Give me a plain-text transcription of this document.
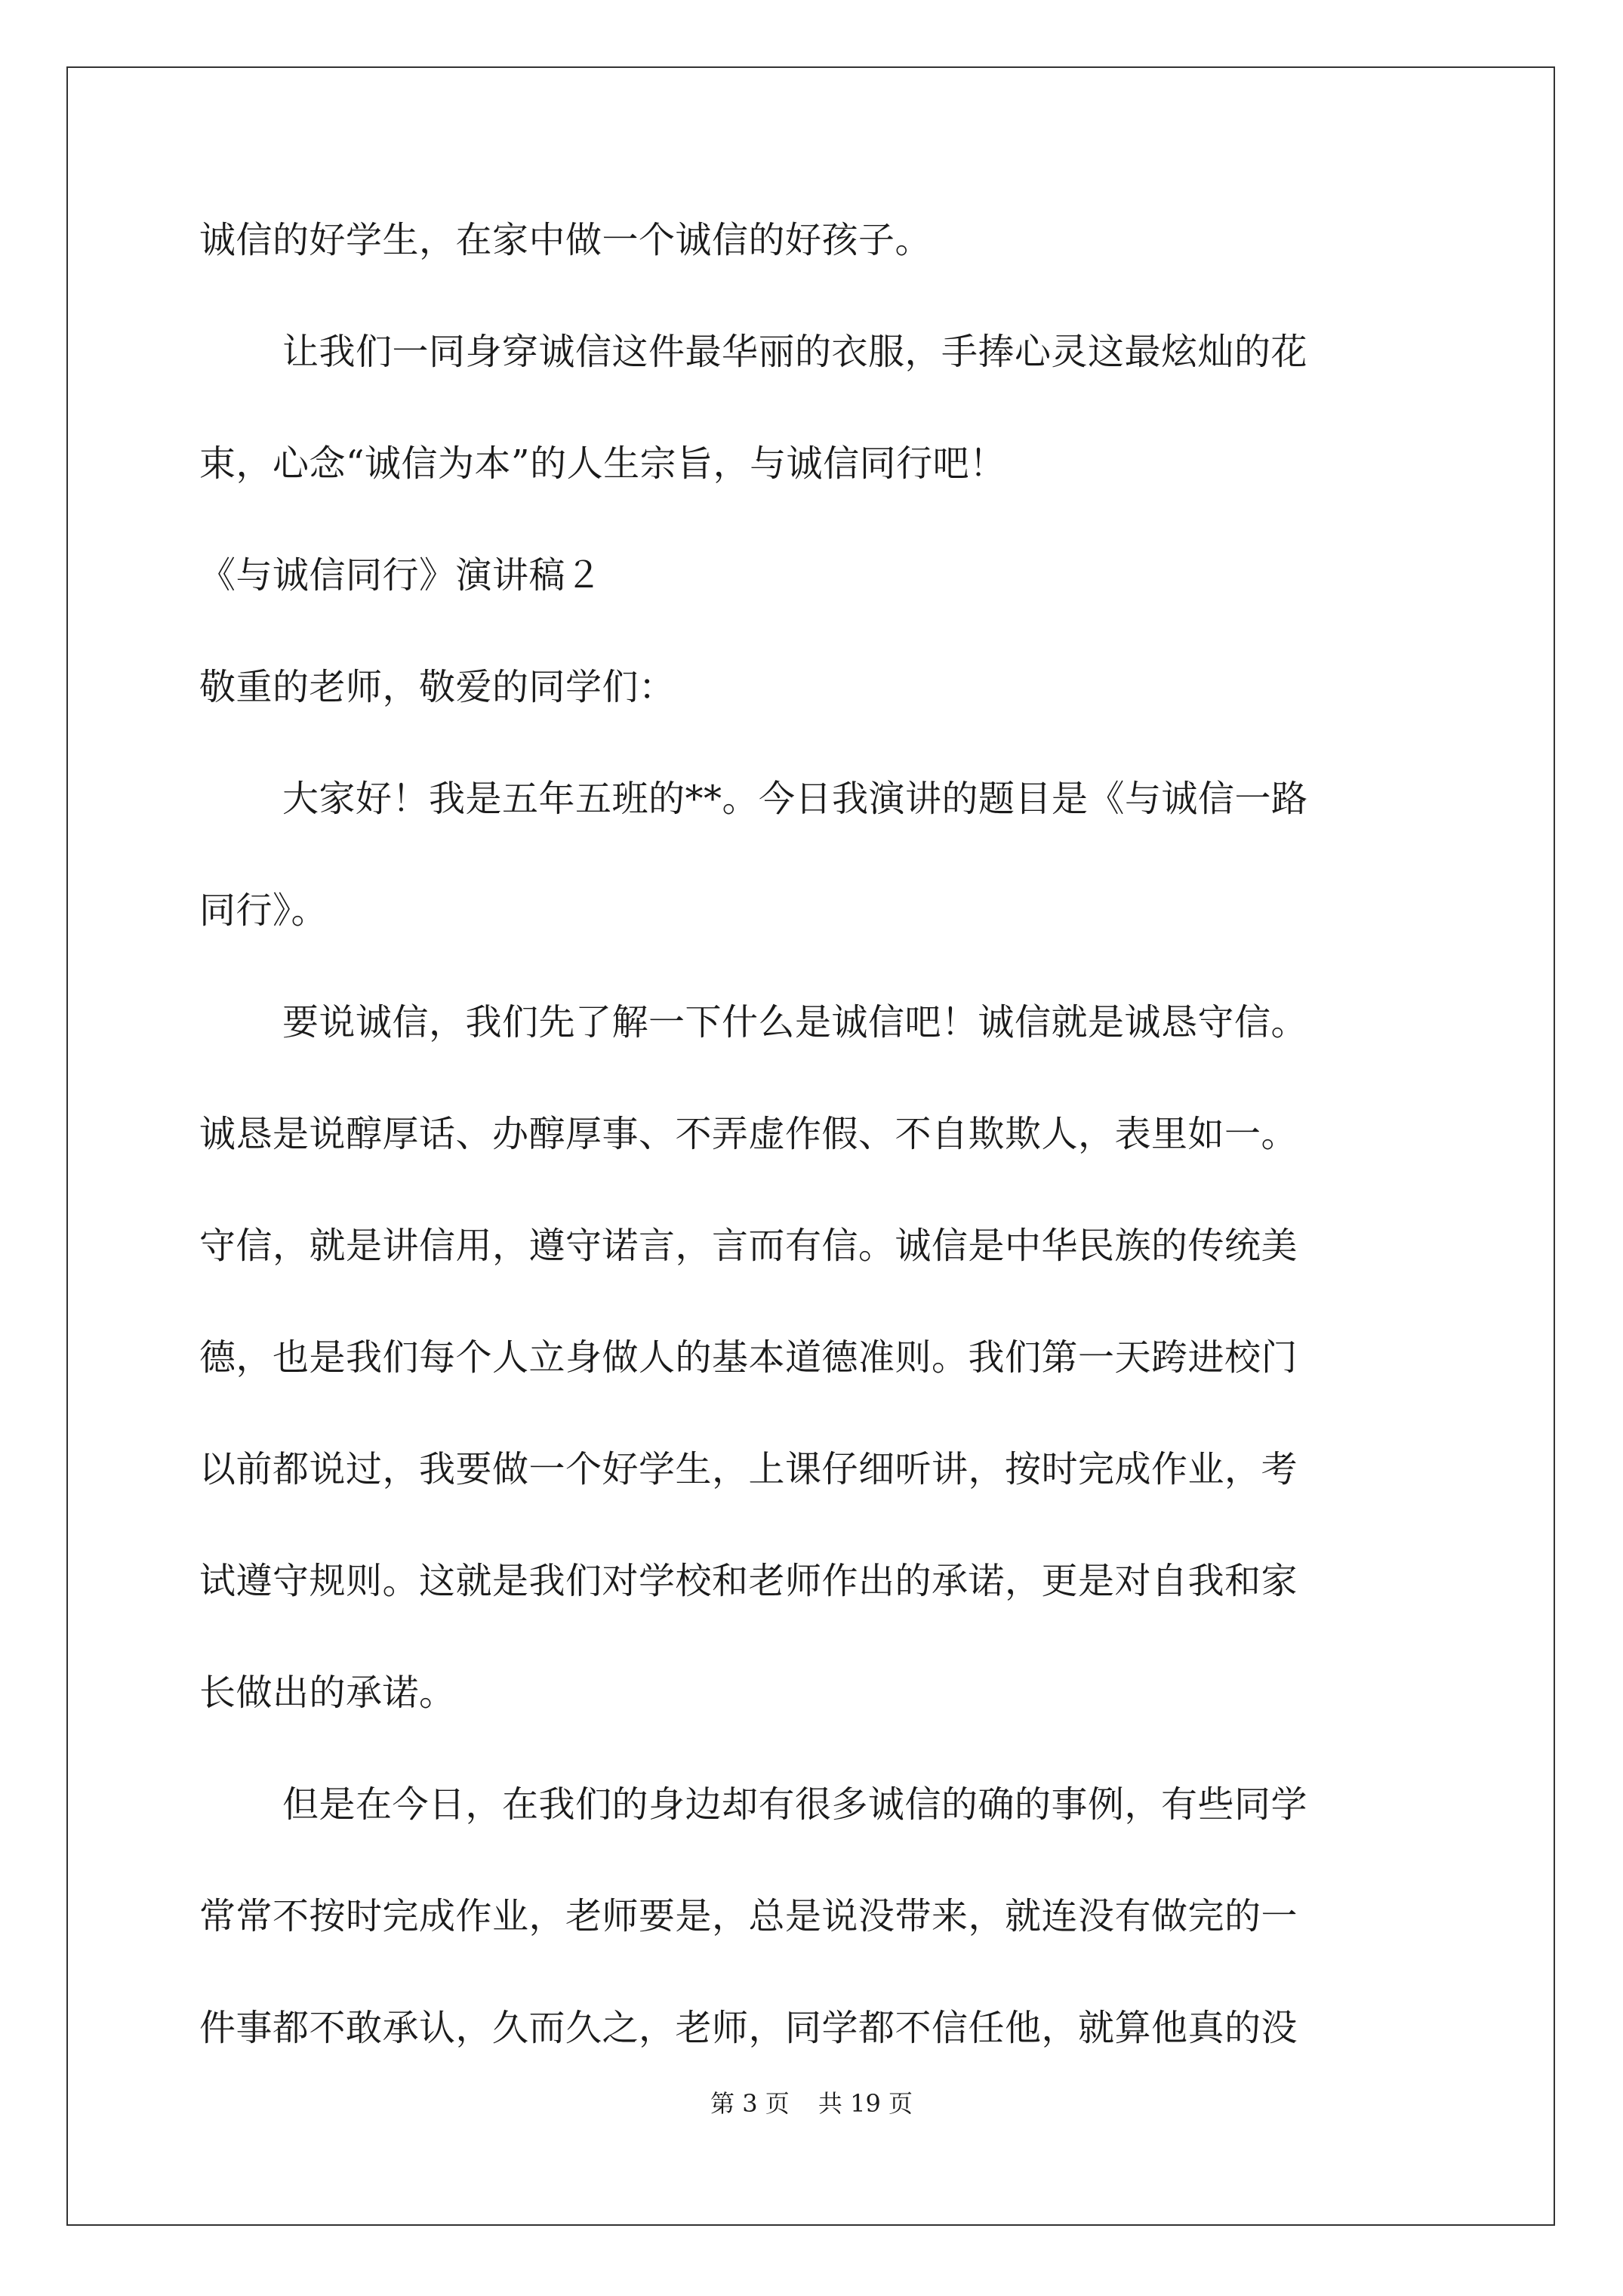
诚信的好学生，在家中做一个诚信的好孩子。
让我们一同身穿诚信这件最华丽的衣服，手捧心灵这最炫灿的花
束，心念“诚信为本”的人生宗旨，与诚信同行吧！
《与诚信同行》演讲稿２
敬重的老师，敬爱的同学们：
大家好！我是五年五班的**。今日我演讲的题目是《与诚信一路
同行》。
要说诚信，我们先了解一下什么是诚信吧！诚信就是诚恳守信。
诚恳是说醇厚话、办醇厚事、不弄虚作假、不自欺欺人，表里如一。
守信，就是讲信用，遵守诺言，言而有信。诚信是中华民族的传统美
德，也是我们每个人立身做人的基本道德准则。我们第一天跨进校门
以前都说过，我要做一个好学生，上课仔细听讲，按时完成作业，考
试遵守规则。这就是我们对学校和老师作出的承诺，更是对自我和家
长做出的承诺。
但是在今日，在我们的身边却有很多诚信的确的事例，有些同学
常常不按时完成作业，老师要是，总是说没带来，就连没有做完的一
件事都不敢承认，久而久之，老师，同学都不信任他，就算他真的没
第 3 页 共 19 页
